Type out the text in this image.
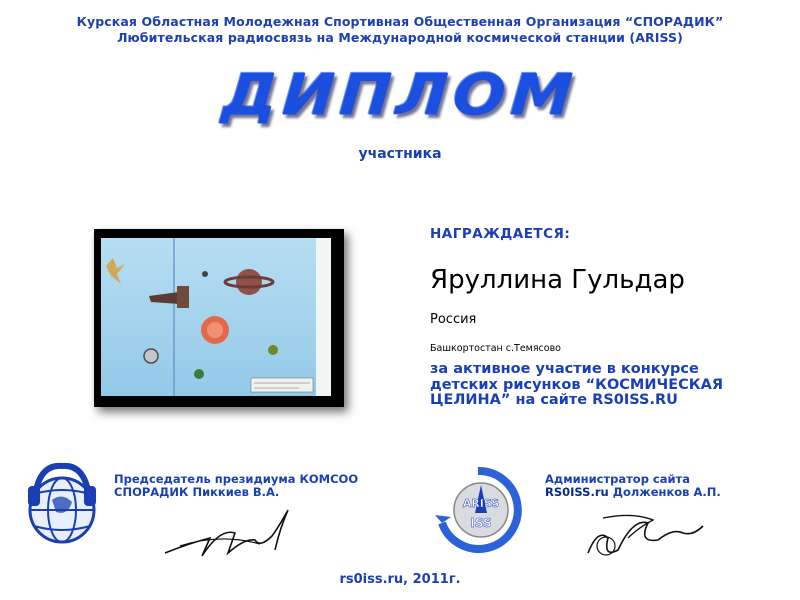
Курская Областная Молодежная Спортивная Общественная Организация “СПОРАДИК”
Любительская радиосвязь на Международной космической станции (ARISS)
ДИПЛОМ
участника
НАГРАЖДАЕТСЯ:
Яруллина Гульдар
Россия
Башкортостан с.Темясово
за активное участие в конкурсе детских рисунков “КОСМИЧЕСКАЯ ЦЕЛИНА” на сайте RS0ISS.RU
Председатель президиума КОМСОО
СПОРАДИК Пиккиев В.А.
ARISS
ISS
Администратор сайта
RS0ISS.ru Долженков А.П.
rs0iss.ru, 2011г.
